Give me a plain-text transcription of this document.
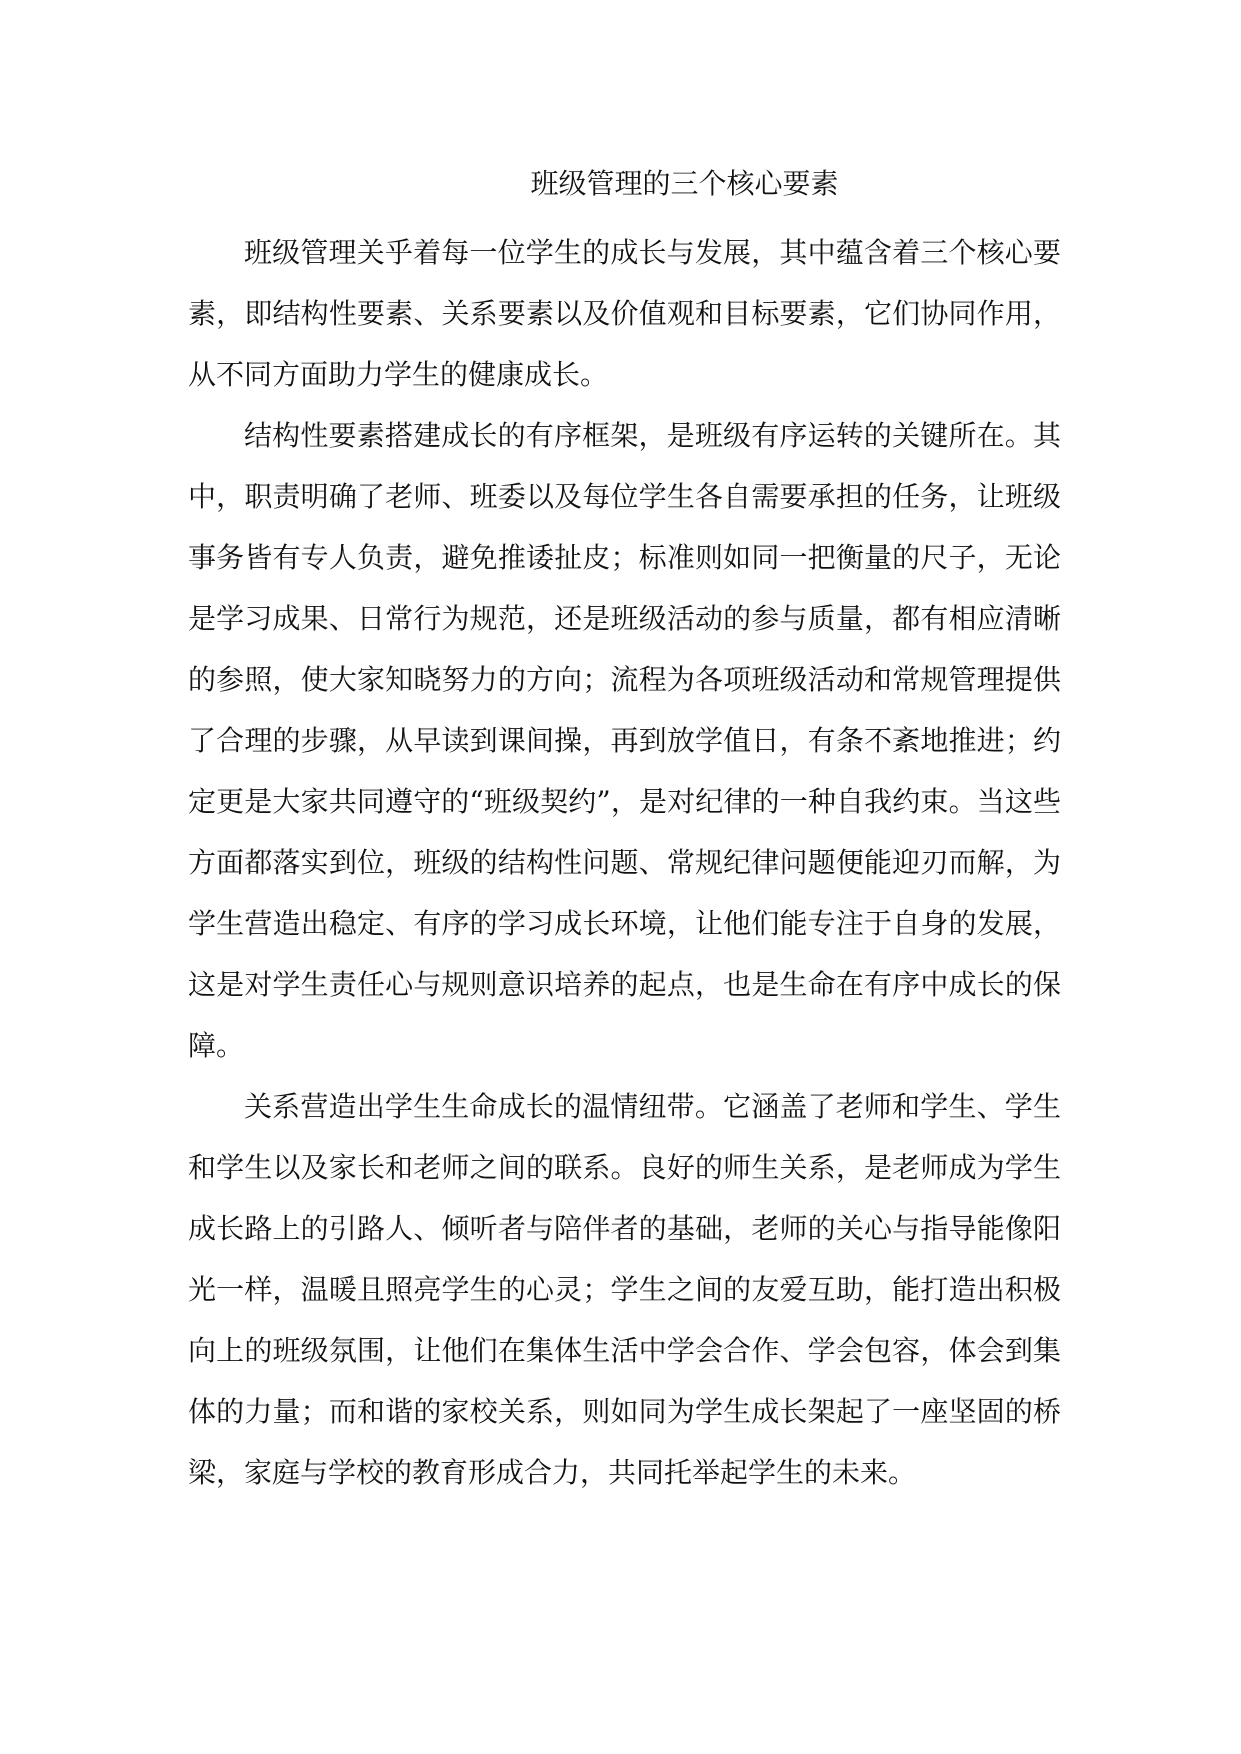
班级管理的三个核心要素

班级管理关乎着每一位学生的成长与发展，其中蕴含着三个核心要素，即结构性要素、关系要素以及价值观和目标要素，它们协同作用，从不同方面助力学生的健康成长。

结构性要素搭建成长的有序框架，是班级有序运转的关键所在。其中，职责明确了老师、班委以及每位学生各自需要承担的任务，让班级事务皆有专人负责，避免推诿扯皮；标准则如同一把衡量的尺子，无论是学习成果、日常行为规范，还是班级活动的参与质量，都有相应清晰的参照，使大家知晓努力的方向；流程为各项班级活动和常规管理提供了合理的步骤，从早读到课间操，再到放学值日，有条不紊地推进；约定更是大家共同遵守的“班级契约”，是对纪律的一种自我约束。当这些方面都落实到位，班级的结构性问题、常规纪律问题便能迎刃而解，为学生营造出稳定、有序的学习成长环境，让他们能专注于自身的发展，这是对学生责任心与规则意识培养的起点，也是生命在有序中成长的保障。

关系营造出学生生命成长的温情纽带。它涵盖了老师和学生、学生和学生以及家长和老师之间的联系。良好的师生关系，是老师成为学生成长路上的引路人、倾听者与陪伴者的基础，老师的关心与指导能像阳光一样，温暖且照亮学生的心灵；学生之间的友爱互助，能打造出积极向上的班级氛围，让他们在集体生活中学会合作、学会包容，体会到集体的力量；而和谐的家校关系，则如同为学生成长架起了一座坚固的桥梁，家庭与学校的教育形成合力，共同托举起学生的未来。
